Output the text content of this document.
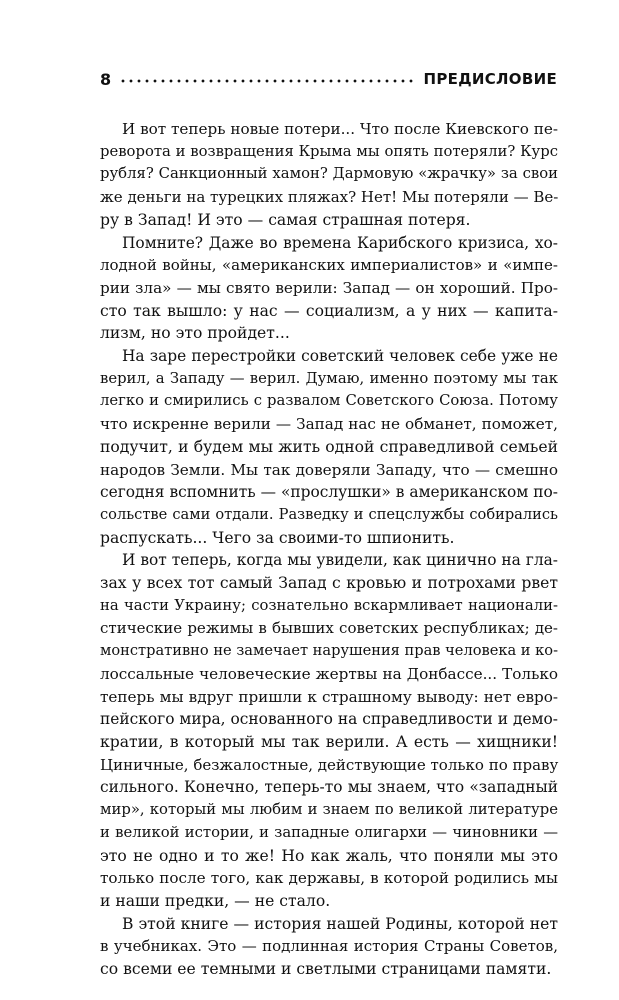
8	ПРЕДИСЛОВИЕ
И вот теперь новые потери... Что после Киевского пе-
реворота и возвращения Крыма мы опять потеряли? Курс
рубля? Санкционный хамон? Дармовую «жрачку» за свои
же деньги на турецких пляжах? Нет! Мы потеряли — Ве-
ру в Запад! И это — самая страшная потеря.
Помните? Даже во времена Карибского кризиса, хо-
лодной войны, «американских империалистов» и «импе-
рии зла» — мы свято верили: Запад — он хороший. Про-
сто так вышло: у нас — социализм, а у них — капита-
лизм, но это пройдет...
На заре перестройки советский человек себе уже не
верил, а Западу — верил. Думаю, именно поэтому мы так
легко и смирились с развалом Советского Союза. Потому
что искренне верили — Запад нас не обманет, поможет,
подучит, и будем мы жить одной справедливой семьей
народов Земли. Мы так доверяли Западу, что — смешно
сегодня вспомнить — «прослушки» в американском по-
сольстве сами отдали. Разведку и спецслужбы собирались
распускать... Чего за своими-то шпионить.
И вот теперь, когда мы увидели, как цинично на гла-
зах у всех тот самый Запад с кровью и потрохами рвет
на части Украину; сознательно вскармливает национали-
стические режимы в бывших советских республиках; де-
монстративно не замечает нарушения прав человека и ко-
лоссальные человеческие жертвы на Донбассе... Только
теперь мы вдруг пришли к страшному выводу: нет евро-
пейского мира, основанного на справедливости и демо-
кратии, в который мы так верили. А есть — хищники!
Циничные, безжалостные, действующие только по праву
сильного. Конечно, теперь-то мы знаем, что «западный
мир», который мы любим и знаем по великой литературе
и великой истории, и западные олигархи — чиновники —
это не одно и то же! Но как жаль, что поняли мы это
только после того, как державы, в которой родились мы
и наши предки, — не стало.
В этой книге — история нашей Родины, которой нет
в учебниках. Это — подлинная история Страны Советов,
со всеми ее темными и светлыми страницами памяти.
